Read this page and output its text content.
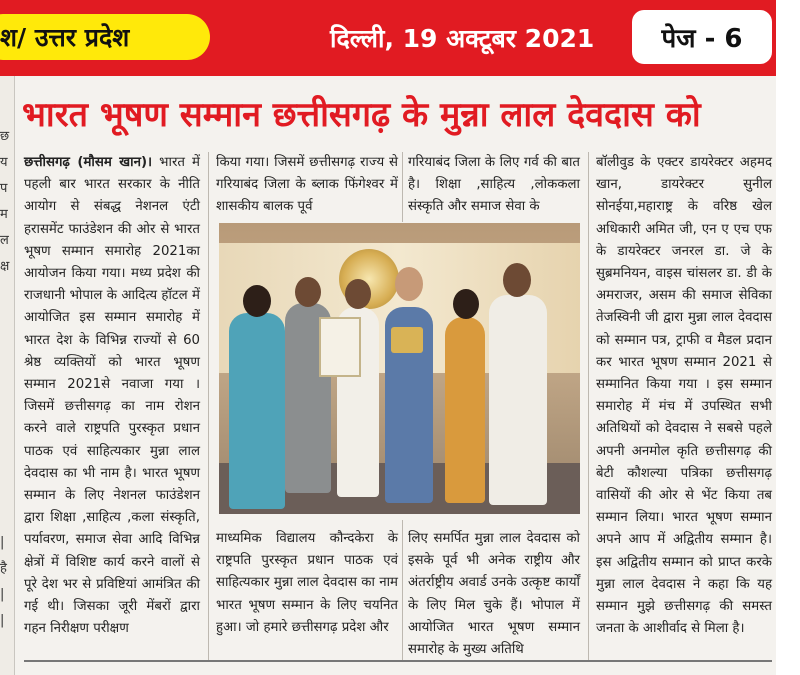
श/ उत्तर प्रदेश	दिल्ली, 19 अक्टूबर 2021	पेज - 6
छ
य
प
म
ल
क्ष
|
है
|
|
भारत भूषण सम्मान छत्तीसगढ़ के मुन्ना लाल देवदास को
छत्तीसगढ़ (मौसम खान)। भारत में पहली बार भारत सरकार के नीति आयोग से संबद्ध नेशनल एंटी हरासमेंट फाउंडेशन की ओर से भारत भूषण सम्मान समारोह 2021का आयोजन किया गया। मध्य प्रदेश की राजधानी भोपाल के आदित्य हॉटल में आयोजित इस सम्मान समारोह में भारत देश के विभिन्न राज्यों से 60 श्रेष्ठ व्यक्तियों को भारत भूषण सम्मान 2021से नवाजा गया । जिसमें छत्तीसगढ़ का नाम रोशन करने वाले राष्ट्रपति पुरस्कृत प्रधान पाठक एवं साहित्यकार मुन्ना लाल देवदास का भी नाम है। भारत भूषण सम्मान के लिए नेशनल फाउंडेशन द्वारा शिक्षा ,साहित्य ,कला संस्कृति, पर्यावरण, समाज सेवा आदि विभिन्न क्षेत्रों में विशिष्ट कार्य करने वालों से पूरे देश भर से प्रविष्टियां आमंत्रित की गई थी। जिसका जूरी मेंबरों द्वारा गहन निरीक्षण परीक्षण
किया गया। जिसमें छत्तीसगढ़ राज्य से गरियाबंद जिला के ब्लाक फिंगेश्वर में शासकीय बालक पूर्व
गरियाबंद जिला के लिए गर्व की बात है। शिक्षा ,साहित्य ,लोककला संस्कृति और समाज सेवा के
माध्यमिक विद्यालय कौन्दकेरा के राष्ट्रपति पुरस्कृत प्रधान पाठक एवं साहित्यकार मुन्ना लाल देवदास का नाम भारत भूषण सम्मान के लिए चयनित हुआ। जो हमारे छत्तीसगढ़ प्रदेश और
लिए समर्पित मुन्ना लाल देवदास को इसके पूर्व भी अनेक राष्ट्रीय और अंतर्राष्ट्रीय अवार्ड उनके उत्कृष्ट कार्यों के लिए मिल चुके हैं। भोपाल में आयोजित भारत भूषण सम्मान समारोह के मुख्य अतिथि
बॉलीवुड के एक्टर डायरेक्टर अहमद खान, डायरेक्टर सुनील सोनईया,महाराष्ट्र के वरिष्ठ खेल अधिकारी अमित जी, एन ए एच एफ के डायरेक्टर जनरल डा. जे के सुब्रमनियन, वाइस चांसलर डा. डी के अमराजर, असम की समाज सेविका तेजस्विनी जी द्वारा मुन्ना लाल देवदास को सम्मान पत्र, ट्राफी व मैडल प्रदान कर भारत भूषण सम्मान 2021 से सम्मानित किया गया । इस सम्मान समारोह में मंच में उपस्थित सभी अतिथियों को देवदास ने सबसे पहले अपनी अनमोल कृति छत्तीसगढ़ की बेटी कौशल्या पत्रिका छत्तीसगढ़ वासियों की ओर से भेंट किया तब सम्मान लिया। भारत भूषण सम्मान अपने आप में अद्वितीय सम्मान है। इस अद्वितीय सम्मान को प्राप्त करके मुन्ना लाल देवदास ने कहा कि यह सम्मान मुझे छत्तीसगढ़ की समस्त जनता के आशीर्वाद से मिला है।
